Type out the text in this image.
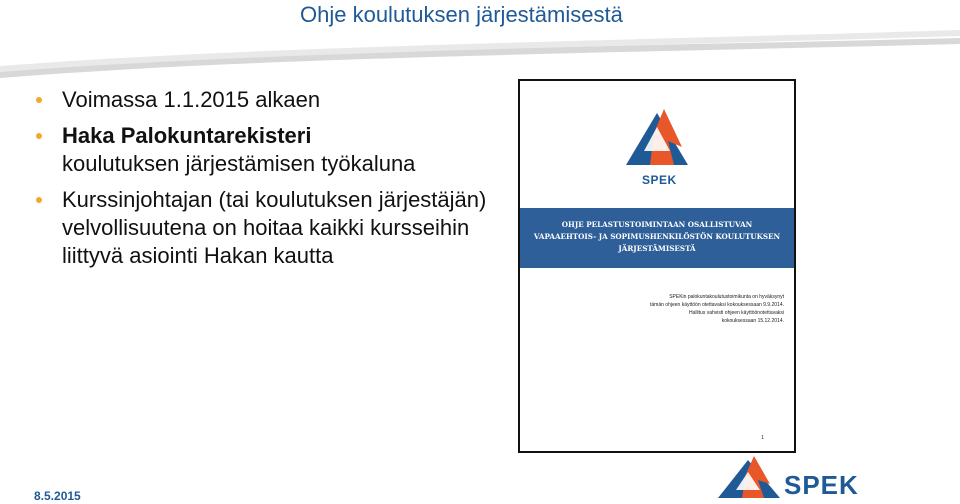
Ohje koulutuksen järjestämisestä
Voimassa 1.1.2015 alkaen
Haka Palokuntarekisteri
koulutuksen järjestämisen työkaluna
Kurssinjohtajan (tai koulutuksen järjestäjän) velvollisuutena on hoitaa kaikki kursseihin liittyvä asiointi Hakan kautta
SPEK
OHJE PELASTUSTOIMINTAAN OSALLISTUVAN
VAPAAEHTOIS- JA SOPIMUSHENKILÖSTÖN KOULUTUKSEN
JÄRJESTÄMISESTÄ
SPEKin palokuntakoulutustoimikunta on hyväksynyt
tämän ohjeen käyttöön otettavaksi kokouksessaan 9.9.2014.
Hallitus vahvisti ohjeen käyttöönotettavaksi
kokouksessaan 15.12.2014.
1
8.5.2015	SPEK
